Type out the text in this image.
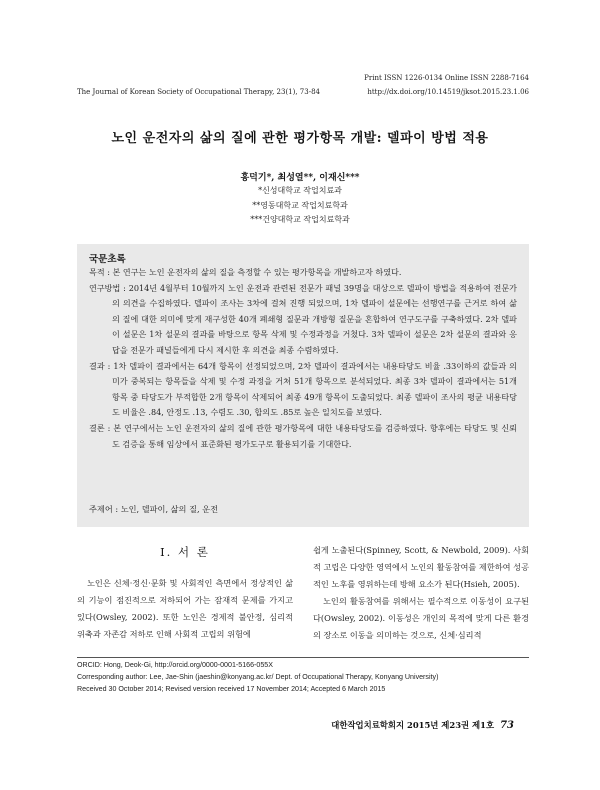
Print ISSN 1226-0134 Online ISSN 2288-7164
The Journal of Korean Society of Occupational Therapy, 23(1), 73-84	http://dx.doi.org/10.14519/jksot.2015.23.1.06
노인 운전자의 삶의 질에 관한 평가항목 개발: 델파이 방법 적용
홍덕기*, 최성열**, 이재신***
*신성대학교 작업치료과
**영동대학교 작업치료학과
***건양대학교 작업치료학과
국문초록
목적 : 본 연구는 노인 운전자의 삶의 질을 측정할 수 있는 평가항목을 개발하고자 하였다.
연구방법 : 2014년 4월부터 10월까지 노인 운전과 관련된 전문가 패널 39명을 대상으로 델파이 방법을 적용하여 전문가의 의견을 수집하였다. 델파이 조사는 3차에 걸쳐 진행 되었으며, 1차 델파이 설문에는 선행연구를 근거로 하여 삶의 질에 대한 의미에 맞게 재구성한 40개 폐쇄형 질문과 개방형 질문을 혼합하여 연구도구를 구축하였다. 2차 델파이 설문은 1차 설문의 결과를 바탕으로 항목 삭제 및 수정과정을 거쳤다. 3차 델파이 설문은 2차 설문의 결과와 응답을 전문가 패널들에게 다시 제시한 후 의견을 최종 수렴하였다.
결과 : 1차 델파이 결과에서는 64개 항목이 선정되었으며, 2차 델파이 결과에서는 내용타당도 비율 .33이하의 값들과 의미가 중복되는 항목들을 삭제 및 수정 과정을 거쳐 51개 항목으로 분석되었다. 최종 3차 델파이 결과에서는 51개 항목 중 타당도가 부적합한 2개 항목이 삭제되어 최종 49개 항목이 도출되었다. 최종 델파이 조사의 평균 내용타당도 비율은 .84, 안정도 .13, 수렴도 .30, 합의도 .85로 높은 일치도를 보였다.
결론 : 본 연구에서는 노인 운전자의 삶의 질에 관한 평가항목에 대한 내용타당도를 검증하였다. 향후에는 타당도 및 신뢰도 검증을 통해 임상에서 표준화된 평가도구로 활용되기를 기대한다.
주제어 : 노인, 델파이, 삶의 질, 운전
Ⅰ. 서 론

노인은 신체·정신·문화 및 사회적인 측면에서 정상적인 삶의 기능이 점진적으로 저하되어 가는 잠재적 문제를 가지고 있다(Owsley, 2002). 또한 노인은 경제적 불안정, 심리적 위축과 자존감 저하로 인해 사회적 고립의 위험에

쉽게 노출된다(Spinney, Scott, & Newbold, 2009). 사회적 고립은 다양한 영역에서 노인의 활동참여를 제한하여 성공적인 노후를 영위하는데 방해 요소가 된다(Hsieh, 2005).

노인의 활동참여를 위해서는 필수적으로 이동성이 요구된다(Owsley, 2002). 이동성은 개인의 목적에 맞게 다른 환경의 장소로 이동을 의미하는 것으로, 신체·심리적

ORCID: Hong, Deok-Gi, http://orcid.org/0000-0001-5166-055X
Corresponding author: Lee, Jae-Shin (jaeshin@konyang.ac.kr/ Dept. of Occupational Therapy, Konyang University)
Received 30 October 2014; Revised version received 17 November 2014; Accepted 6 March 2015
대한작업치료학회지 2015년 제23권 제1호 73
